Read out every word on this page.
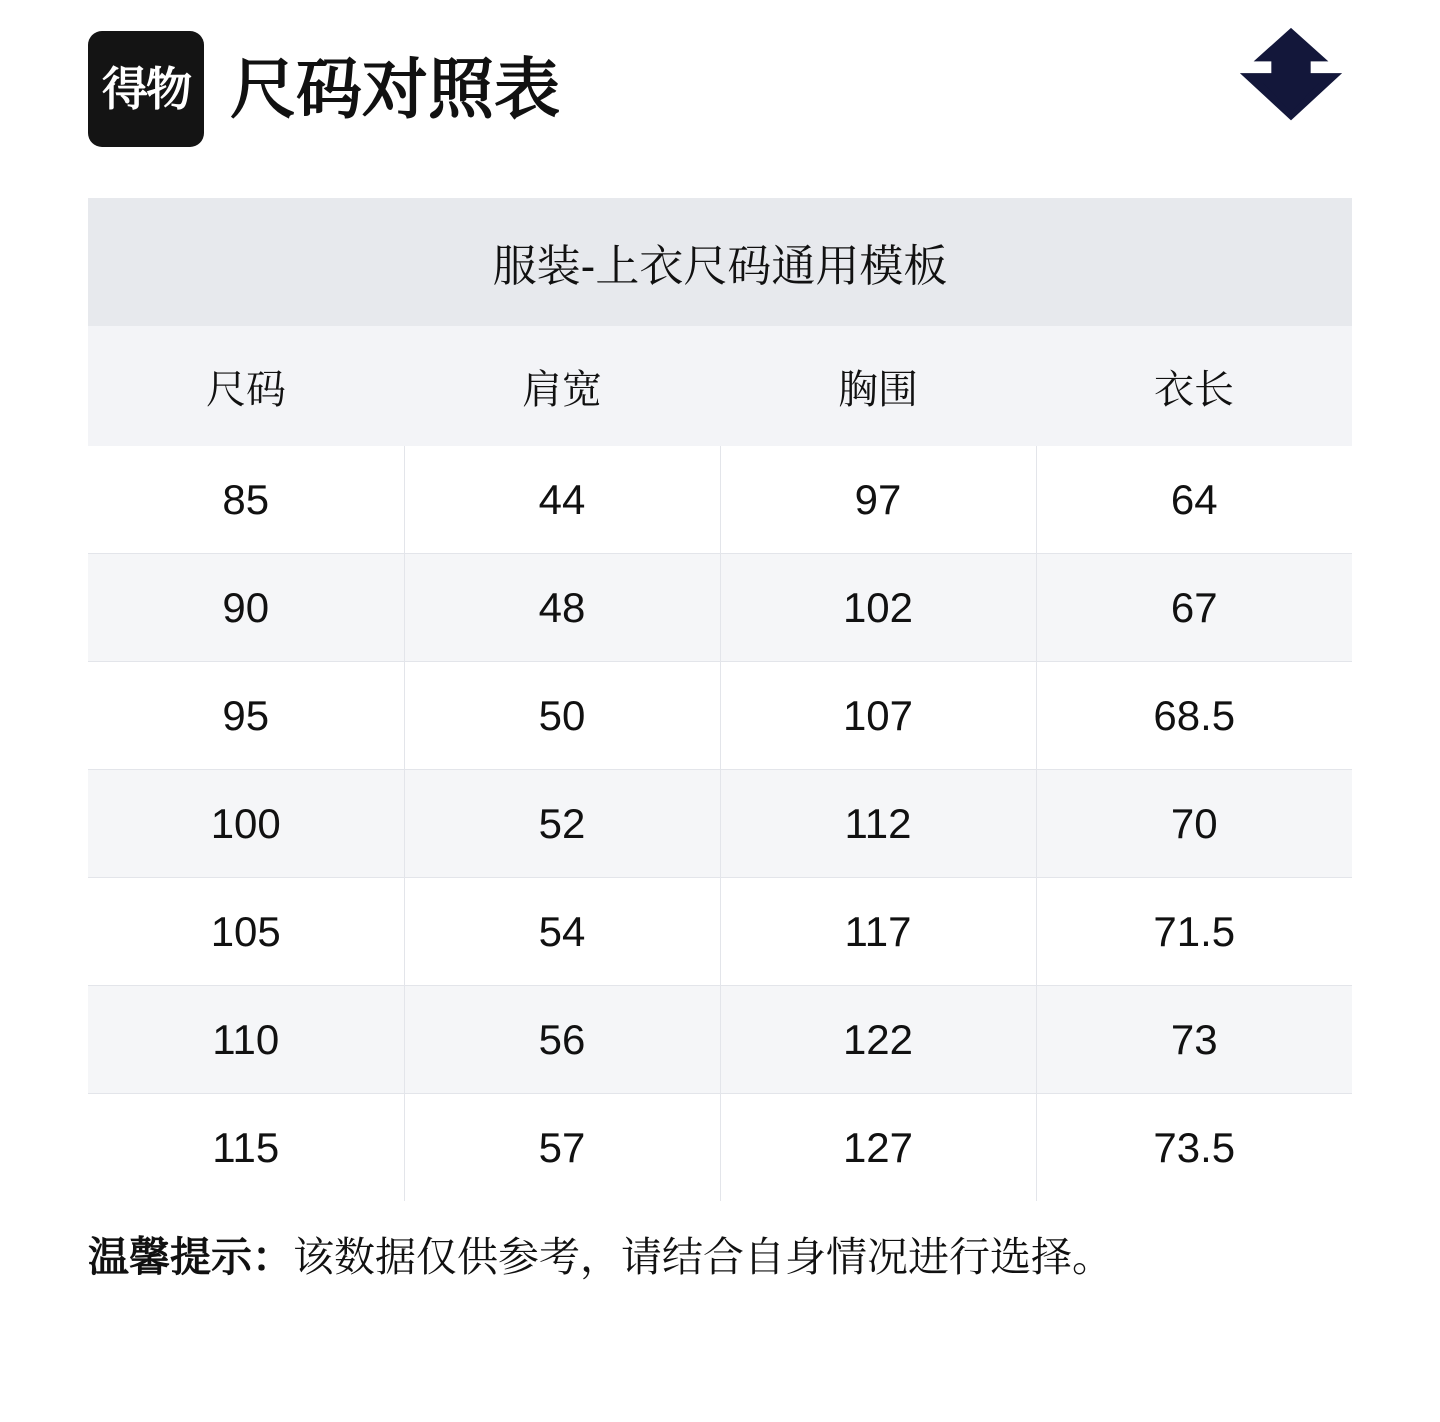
得物 尺码对照表
服装-上衣尺码通用模板
尺码	肩宽	胸围	衣长
85	44	97	64
90	48	102	67
95	50	107	68.5
100	52	112	70
105	54	117	71.5
110	56	122	73
115	57	127	73.5
温馨提示：该数据仅供参考，请结合自身情况进行选择。
